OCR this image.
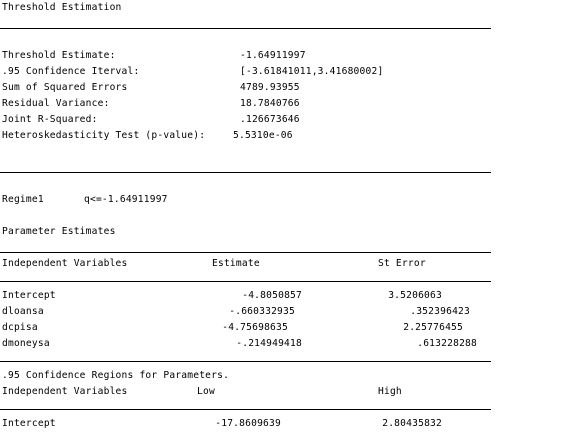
Threshold Estimation
Threshold Estimate:	-1.64911997
.95 Confidence Iterval:	[-3.61841011,3.41680002]
Sum of Squared Errors	4789.93955
Residual Variance:	18.7840766
Joint R-Squared:	.126673646
Heteroskedasticity Test (p-value):	5.5310e-06
Regime1	q<=-1.64911997
Parameter Estimates
Independent Variables	Estimate	St Error
Intercept	-4.8050857	3.5206063
dloansa	-.660332935	.352396423
dcpisa	-4.75698635	2.25776455
dmoneysa	-.214949418	.613228288
.95 Confidence Regions for Parameters.
Independent Variables	Low	High
Intercept	-17.8609639	2.80435832
